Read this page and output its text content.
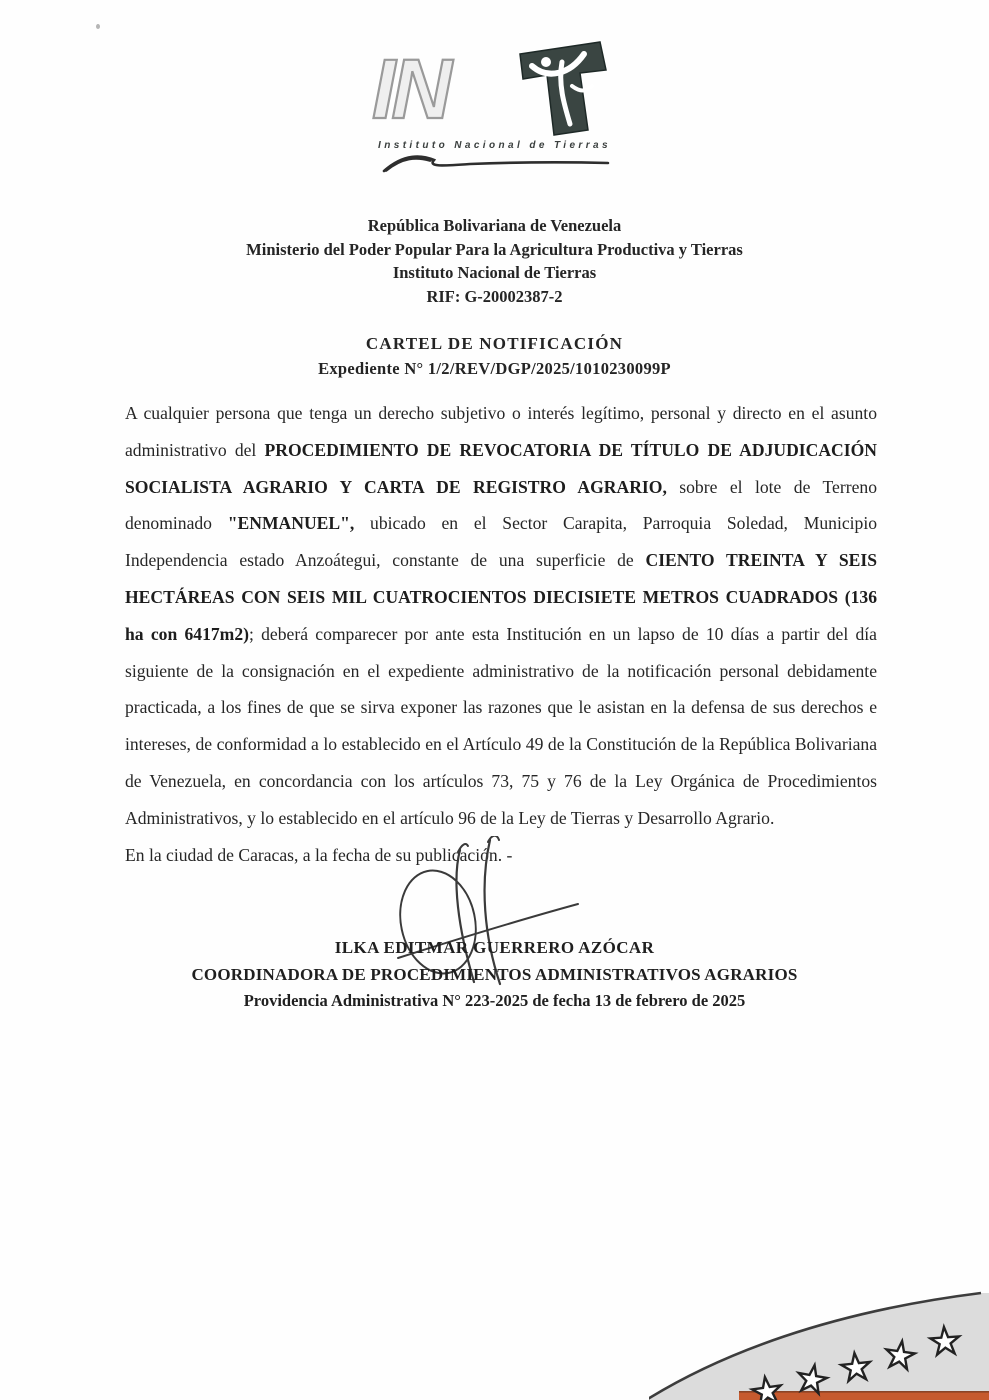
IN
Instituto Nacional de Tierras
República Bolivariana de Venezuela
Ministerio del Poder Popular Para la Agricultura Productiva y Tierras
Instituto Nacional de Tierras
RIF: G-20002387-2
CARTEL DE NOTIFICACIÓN
Expediente N° 1/2/REV/DGP/2025/1010230099P

A cualquier persona que tenga un derecho subjetivo o interés legítimo, personal y directo en el asunto administrativo del PROCEDIMIENTO DE REVOCATORIA DE TÍTULO DE ADJUDICACIÓN SOCIALISTA AGRARIO Y CARTA DE REGISTRO AGRARIO, sobre el lote de Terreno denominado "ENMANUEL", ubicado en el Sector Carapita, Parroquia Soledad, Municipio Independencia estado Anzoátegui, constante de una superficie de CIENTO TREINTA Y SEIS HECTÁREAS CON SEIS MIL CUATROCIENTOS DIECISIETE METROS CUADRADOS (136 ha con 6417m2); deberá comparecer por ante esta Institución en un lapso de 10 días a partir del día siguiente de la consignación en el expediente administrativo de la notificación personal debidamente practicada, a los fines de que se sirva exponer las razones que le asistan en la defensa de sus derechos e intereses, de conformidad a lo establecido en el Artículo 49 de la Constitución de la República Bolivariana de Venezuela, en concordancia con los artículos 73, 75 y 76 de la Ley Orgánica de Procedimientos Administrativos, y lo establecido en el artículo 96 de la Ley de Tierras y Desarrollo Agrario.

En la ciudad de Caracas, a la fecha de su publicación. -

ILKA EDITMAR GUERRERO AZÓCAR
COORDINADORA DE PROCEDIMIENTOS ADMINISTRATIVOS AGRARIOS
Providencia Administrativa N° 223-2025 de fecha 13 de febrero de 2025
